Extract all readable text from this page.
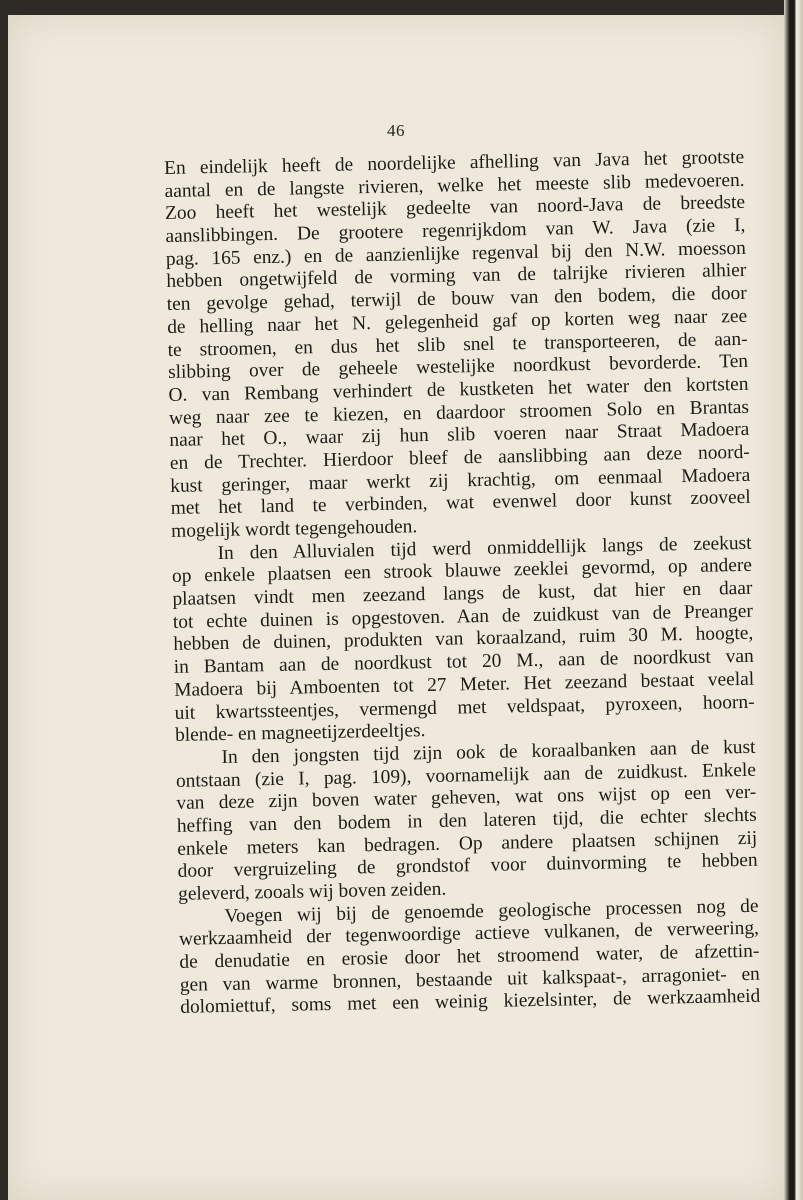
46
En eindelijk heeft de noordelijke afhelling van Java het grootste
aantal en de langste rivieren, welke het meeste slib medevoeren.
Zoo heeft het westelijk gedeelte van noord-Java de breedste
aanslibbingen. De grootere regenrijkdom van W. Java (zie I,
pag. 165 enz.) en de aanzienlijke regenval bij den N.W. moesson
hebben ongetwijfeld de vorming van de talrijke rivieren alhier
ten gevolge gehad, terwijl de bouw van den bodem, die door
de helling naar het N. gelegenheid gaf op korten weg naar zee
te stroomen, en dus het slib snel te transporteeren, de aan-
slibbing over de geheele westelijke noordkust bevorderde. Ten
O. van Rembang verhindert de kustketen het water den kortsten
weg naar zee te kiezen, en daardoor stroomen Solo en Brantas
naar het O., waar zij hun slib voeren naar Straat Madoera
en de Trechter. Hierdoor bleef de aanslibbing aan deze noord-
kust geringer, maar werkt zij krachtig, om eenmaal Madoera
met het land te verbinden, wat evenwel door kunst zooveel
mogelijk wordt tegengehouden.
In den Alluvialen tijd werd onmiddellijk langs de zeekust
op enkele plaatsen een strook blauwe zeeklei gevormd, op andere
plaatsen vindt men zeezand langs de kust, dat hier en daar
tot echte duinen is opgestoven. Aan de zuidkust van de Preanger
hebben de duinen, produkten van koraalzand, ruim 30 M. hoogte,
in Bantam aan de noordkust tot 20 M., aan de noordkust van
Madoera bij Amboenten tot 27 Meter. Het zeezand bestaat veelal
uit kwartssteentjes, vermengd met veldspaat, pyroxeen, hoorn-
blende- en magneetijzerdeeltjes.
In den jongsten tijd zijn ook de koraalbanken aan de kust
ontstaan (zie I, pag. 109), voornamelijk aan de zuidkust. Enkele
van deze zijn boven water geheven, wat ons wijst op een ver-
heffing van den bodem in den lateren tijd, die echter slechts
enkele meters kan bedragen. Op andere plaatsen schijnen zij
door vergruizeling de grondstof voor duinvorming te hebben
geleverd, zooals wij boven zeiden.
Voegen wij bij de genoemde geologische processen nog de
werkzaamheid der tegenwoordige actieve vulkanen, de verweering,
de denudatie en erosie door het stroomend water, de afzettin-
gen van warme bronnen, bestaande uit kalkspaat-, arragoniet- en
dolomiettuf, soms met een weinig kiezelsinter, de werkzaamheid
